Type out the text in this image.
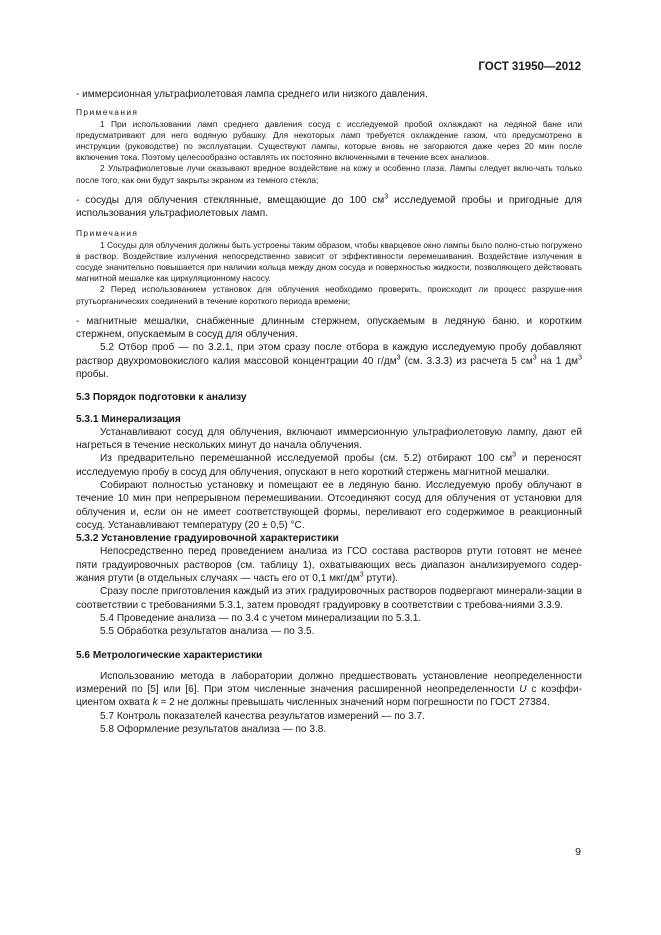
ГОСТ 31950—2012

- иммерсионная ультрафиолетовая лампа среднего или низкого давления.

Примечания

1 При использовании ламп среднего давления сосуд с исследуемой пробой охлаждают на ледяной бане или предусматривают для него водяную рубашку. Для некоторых ламп требуется охлаждение газом, что предусмотрено в инструкции (руководстве) по эксплуатации. Существуют лампы, которые вновь не загораются даже через 20 мин после включения тока. Поэтому целесообразно оставлять их постоянно включенными в течение всех анализов.

2 Ультрафиолетовые лучи оказывают вредное воздействие на кожу и особенно глаза. Лампы следует вклю-чать только после того, как они будут закрыты экраном из темного стекла;

- сосуды для облучения стеклянные, вмещающие до 100 $см^3$ исследуемой пробы и пригодные для использования ультрафиолетовых ламп.

Примечания

1 Сосуды для облучения должны быть устроены таким образом, чтобы кварцевое окно лампы было полно-стью погружено в раствор. Воздействие излучения непосредственно зависит от эффективности перемешивания. Воздействие излучения в сосуде значительно повышается при наличии кольца между дном сосуда и поверхностью жидкости, позволяющего действовать магнитной мешалке как циркуляционному насосу.

2 Перед использованием установок для облучения необходимо проверить, происходит ли процесс разруше-ния ртутьорганических соединений в течение короткого периода времени;

- магнитные мешалки, снабженные длинным стержнем, опускаемым в ледяную баню, и коротким стержнем, опускаемым в сосуд для облучения.

5.2 Отбор проб — по 3.2.1, при этом сразу после отбора в каждую исследуемую пробу добавляют раствор двухромовокислого калия массовой концентрации 40 $г/дм^3$ (см. 3.3.3) из расчета 5 $см^3$ на 1 $дм^3$ пробы.

5.3 Порядок подготовки к анализу
5.3.1 Минерализация

Устанавливают сосуд для облучения, включают иммерсионную ультрафиолетовую лампу, дают ей нагреться в течение нескольких минут до начала облучения.

Из предварительно перемешанной исследуемой пробы (см. 5.2) отбирают 100 $см^3$ и переносят исследуемую пробу в сосуд для облучения, опускают в него короткий стержень магнитной мешалки.

Собирают полностью установку и помещают ее в ледяную баню. Исследуемую пробу облучают в течение 10 мин при непрерывном перемешивании. Отсоединяют сосуд для облучения от установки для облучения и, если он не имеет соответствующей формы, переливают его содержимое в реакционный сосуд. Устанавливают температуру (20 ± 0,5) °С.

5.3.2 Установление градуировочной характеристики

Непосредственно перед проведением анализа из ГСО состава растворов ртути готовят не менее пяти градуировочных растворов (см. таблицу 1), охватывающих весь диапазон анализируемого содер-жания ртути (в отдельных случаях — часть его от 0,1 мкг/$дм^3$ ртути).

Сразу после приготовления каждый из этих градуировочных растворов подвергают минерали-зации в соответствии с требованиями 5.3.1, затем проводят градуировку в соответствии с требова-ниями 3.3.9.

5.4 Проведение анализа — по 3.4 с учетом минерализации по 5.3.1.

5.5 Обработка результатов анализа — по 3.5.

5.6 Метрологические характеристики

Использованию метода в лаборатории должно предшествовать установление неопределенности измерений по [5] или [6]. При этом численные значения расширенной неопределенности U с коэффи-циентом охвата k = 2 не должны превышать численных значений норм погрешности по ГОСТ 27384.

5.7 Контроль показателей качества результатов измерений — по 3.7.

5.8 Оформление результатов анализа — по 3.8.

9
